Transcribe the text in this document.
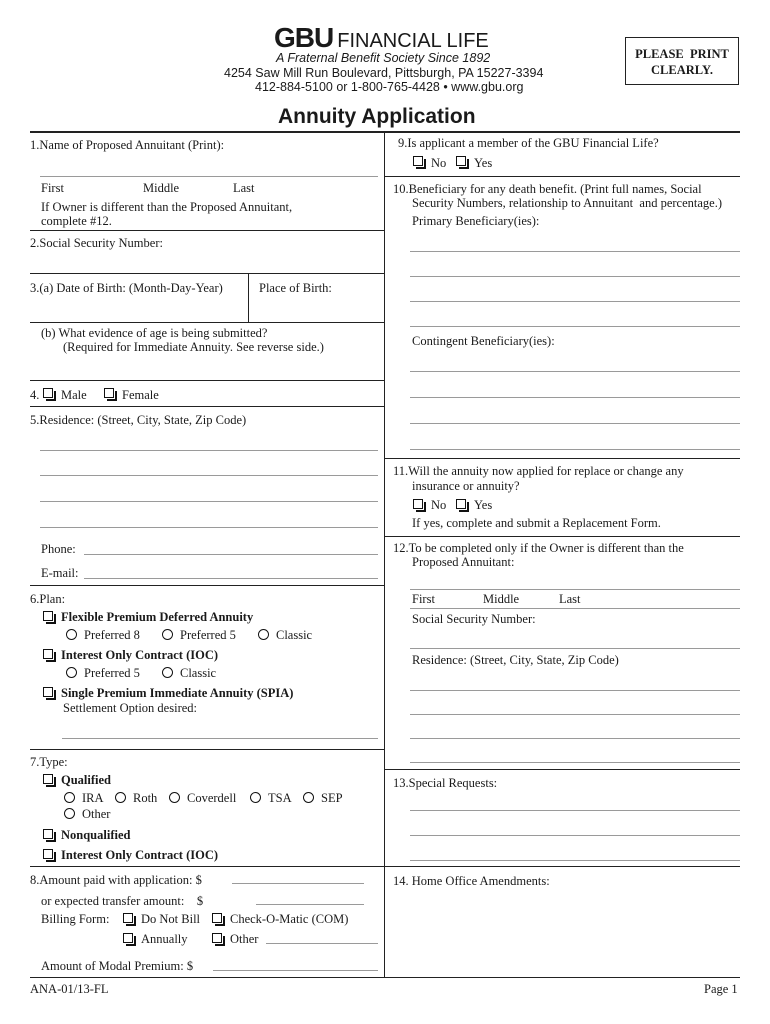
GBU FINANCIAL LIFE
A Fraternal Benefit Society Since 1892
4254 Saw Mill Run Boulevard, Pittsburgh, PA 15227-3394
412-884-5100 or 1-800-765-4428 • www.gbu.org
PLEASE  PRINT
CLEARLY.
Annuity Application
1.Name of Proposed Annuitant (Print):
First	Middle	Last
If Owner is different than the Proposed Annuitant,
complete #12.
2.Social Security Number:
3.(a) Date of Birth: (Month-Day-Year)	Place of Birth:
(b) What evidence of age is being submitted?
(Required for Immediate Annuity. See reverse side.)
4. Male	Female
5.Residence: (Street, City, State, Zip Code)
Phone:
E-mail:
6.Plan:
Flexible Premium Deferred Annuity
Preferred 8	Preferred 5	Classic
Interest Only Contract (IOC)
Preferred 5	Classic
Single Premium Immediate Annuity (SPIA)
Settlement Option desired:
7.Type:
Qualified
IRA Roth Coverdell	TSA SEP
Other
Nonqualified
Interest Only Contract (IOC)
8.Amount paid with application: $
or expected transfer amount:    $
Billing Form:	Do Not Bill Check-O-Matic (COM)
Annually	Other
Amount of Modal Premium: $
9.Is applicant a member of the GBU Financial Life?
No Yes
10.Beneficiary for any death benefit. (Print full names, Social
Security Numbers, relationship to Annuitant  and percentage.)
Primary Beneficiary(ies):
Contingent Beneficiary(ies):
11.Will the annuity now applied for replace or change any
insurance or annuity?
No Yes
If yes, complete and submit a Replacement Form.
12.To be completed only if the Owner is different than the
Proposed Annuitant:
First	Middle	Last
Social Security Number:
Residence: (Street, City, State, Zip Code)
13.Special Requests:
14. Home Office Amendments:
ANA-01/13-FL	Page 1
